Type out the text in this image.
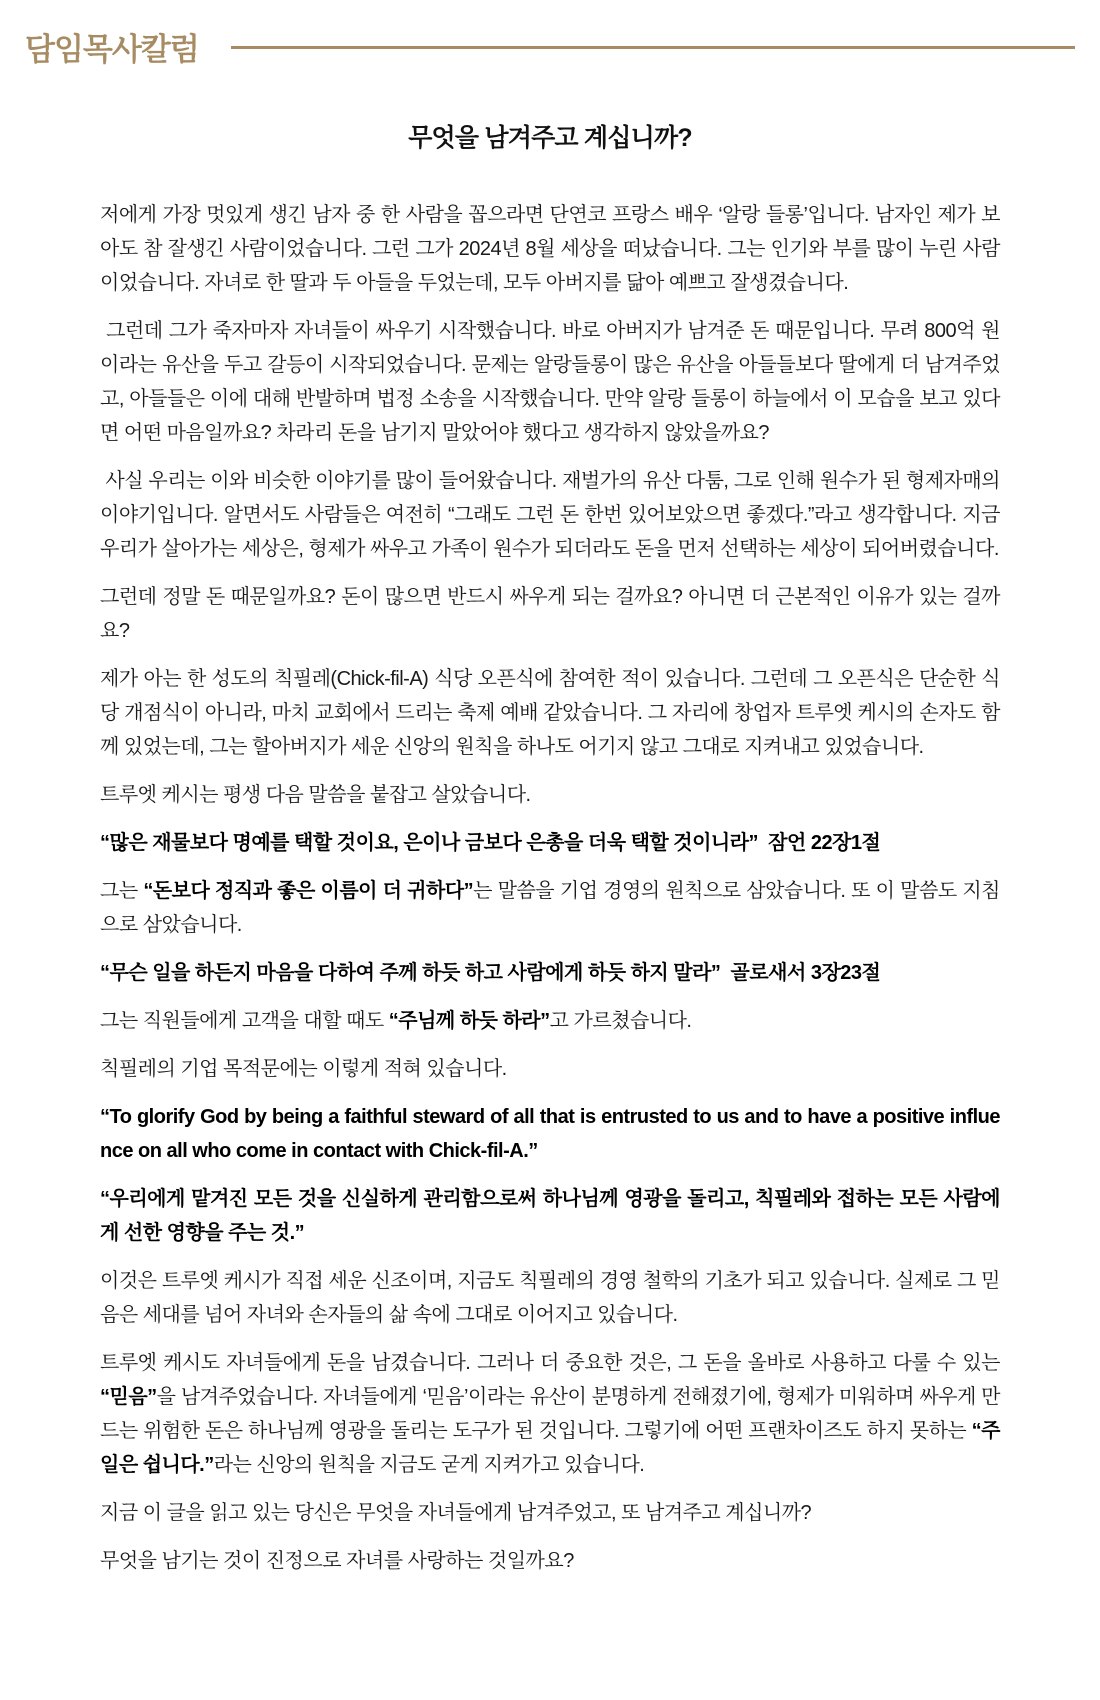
담임목사칼럼
무엇을 남겨주고 계십니까?

저에게 가장 멋있게 생긴 남자 중 한 사람을 꼽으라면 단연코 프랑스 배우 ‘알랑 들롱’입니다. 남자인 제가 보아도 참 잘생긴 사람이었습니다. 그런 그가 2024년 8월 세상을 떠났습니다. 그는 인기와 부를 많이 누린 사람이었습니다. 자녀로 한 딸과 두 아들을 두었는데, 모두 아버지를 닮아 예쁘고 잘생겼습니다.

그런데 그가 죽자마자 자녀들이 싸우기 시작했습니다. 바로 아버지가 남겨준 돈 때문입니다. 무려 800억 원이라는 유산을 두고 갈등이 시작되었습니다. 문제는 알랑들롱이 많은 유산을 아들들보다 딸에게 더 남겨주었고, 아들들은 이에 대해 반발하며 법정 소송을 시작했습니다. 만약 알랑 들롱이 하늘에서 이 모습을 보고 있다면 어떤 마음일까요? 차라리 돈을 남기지 말았어야 했다고 생각하지 않았을까요?

사실 우리는 이와 비슷한 이야기를 많이 들어왔습니다. 재벌가의 유산 다툼, 그로 인해 원수가 된 형제자매의 이야기입니다. 알면서도 사람들은 여전히 “그래도 그런 돈 한번 있어보았으면 좋겠다.”라고 생각합니다. 지금 우리가 살아가는 세상은, 형제가 싸우고 가족이 원수가 되더라도 돈을 먼저 선택하는 세상이 되어버렸습니다.

그런데 정말 돈 때문일까요? 돈이 많으면 반드시 싸우게 되는 걸까요? 아니면 더 근본적인 이유가 있는 걸까요?

제가 아는 한 성도의 칙필레(Chick-fil-A) 식당 오픈식에 참여한 적이 있습니다. 그런데 그 오픈식은 단순한 식당 개점식이 아니라, 마치 교회에서 드리는 축제 예배 같았습니다. 그 자리에 창업자 트루엣 케시의 손자도 함께 있었는데, 그는 할아버지가 세운 신앙의 원칙을 하나도 어기지 않고 그대로 지켜내고 있었습니다.

트루엣 케시는 평생 다음 말씀을 붙잡고 살았습니다.

“많은 재물보다 명예를 택할 것이요, 은이나 금보다 은총을 더욱 택할 것이니라”  잠언 22장1절

그는 “돈보다 정직과 좋은 이름이 더 귀하다”는 말씀을 기업 경영의 원칙으로 삼았습니다. 또 이 말씀도 지침으로 삼았습니다.

“무슨 일을 하든지 마음을 다하여 주께 하듯 하고 사람에게 하듯 하지 말라”  골로새서 3장23절

그는 직원들에게 고객을 대할 때도 “주님께 하듯 하라”고 가르쳤습니다.

칙필레의 기업 목적문에는 이렇게 적혀 있습니다.

“To glorify God by being a faithful steward of all that is entrusted to us and to have a positive influence on all who come in contact with Chick-fil-A.”

“우리에게 맡겨진 모든 것을 신실하게 관리함으로써 하나님께 영광을 돌리고, 칙필레와 접하는 모든 사람에게 선한 영향을 주는 것.”

이것은 트루엣 케시가 직접 세운 신조이며, 지금도 칙필레의 경영 철학의 기초가 되고 있습니다. 실제로 그 믿음은 세대를 넘어 자녀와 손자들의 삶 속에 그대로 이어지고 있습니다.

트루엣 케시도 자녀들에게 돈을 남겼습니다. 그러나 더 중요한 것은, 그 돈을 올바로 사용하고 다룰 수 있는 “믿음”을 남겨주었습니다. 자녀들에게 ‘믿음’이라는 유산이 분명하게 전해졌기에, 형제가 미워하며 싸우게 만드는 위험한 돈은 하나님께 영광을 돌리는 도구가 된 것입니다. 그렇기에 어떤 프랜차이즈도 하지 못하는 “주일은 쉽니다.”라는 신앙의 원칙을 지금도 굳게 지켜가고 있습니다.

지금 이 글을 읽고 있는 당신은 무엇을 자녀들에게 남겨주었고, 또 남겨주고 계십니까?

무엇을 남기는 것이 진정으로 자녀를 사랑하는 것일까요?
